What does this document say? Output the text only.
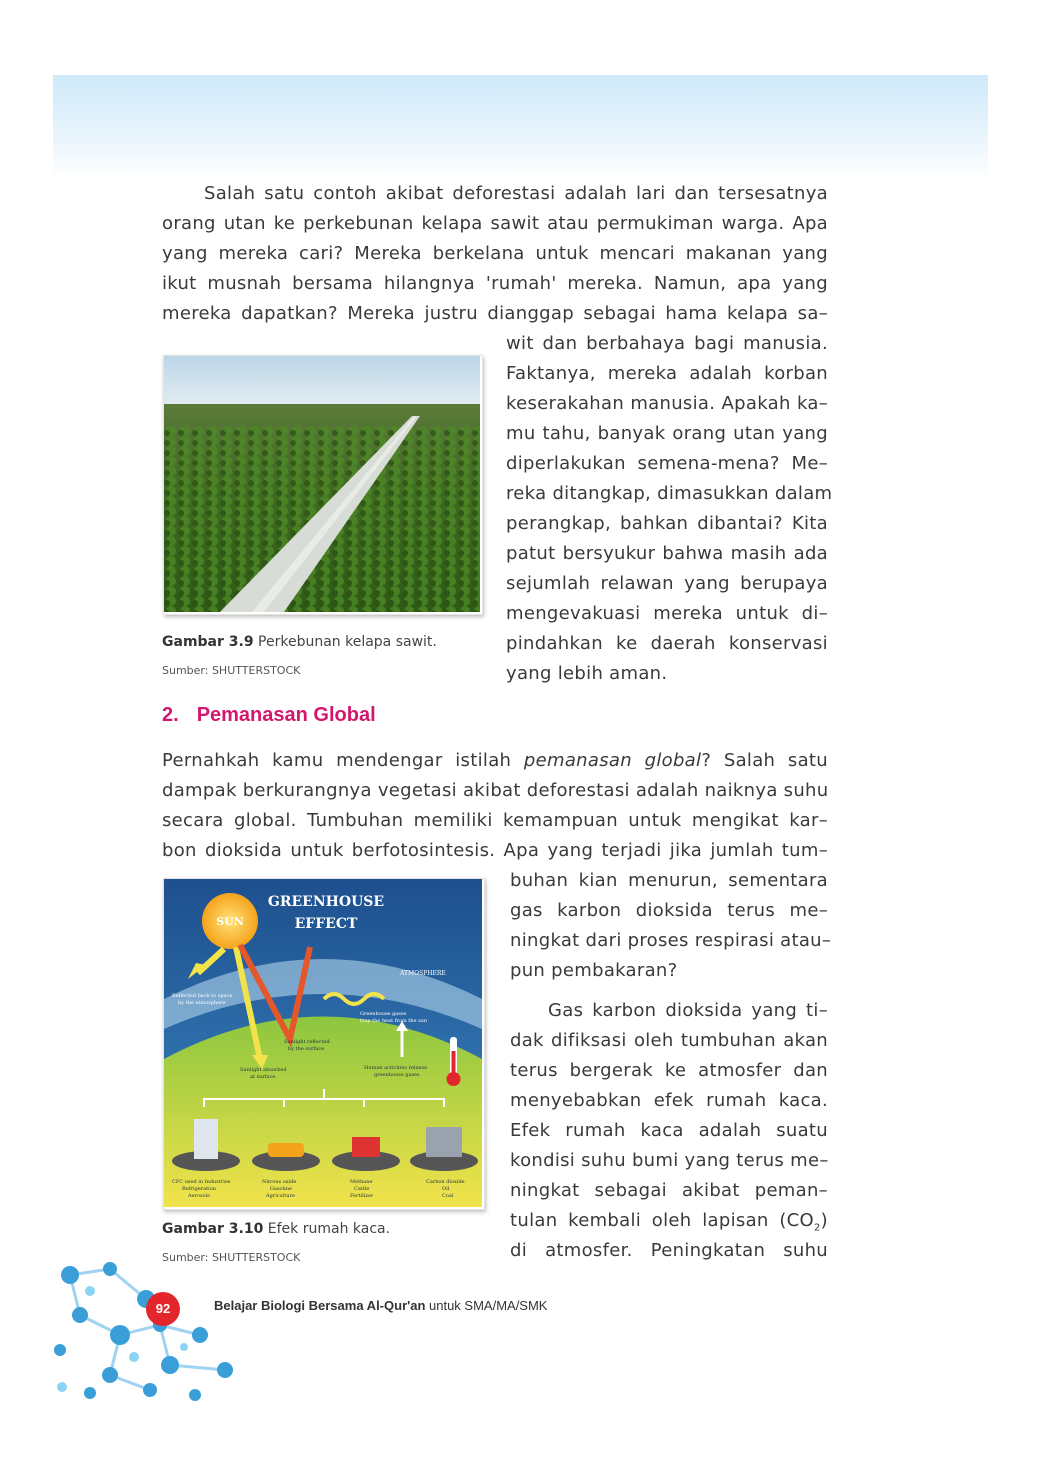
Salah satu contoh akibat deforestasi adalah lari dan tersesatnya
orang utan ke perkebunan kelapa sawit atau permukiman warga. Apa
yang mereka cari? Mereka berkelana untuk mencari makanan yang
ikut musnah bersama hilangnya 'rumah' mereka. Namun, apa yang
mereka dapatkan? Mereka justru dianggap sebagai hama kelapa sa–
wit dan berbahaya bagi manusia.
Faktanya, mereka adalah korban
keserakahan manusia. Apakah ka–
mu tahu, banyak orang utan yang
diperlakukan semena-mena? Me–
reka ditangkap, dimasukkan dalam
perangkap, bahkan dibantai? Kita
patut bersyukur bahwa masih ada
sejumlah relawan yang berupaya
mengevakuasi mereka untuk di–
pindahkan ke daerah konservasi
yang lebih aman.
Gambar 3.9 Perkebunan kelapa sawit.
Sumber: SHUTTERSTOCK
2. Pemanasan Global
Pernahkah kamu mendengar istilah pemanasan global? Salah satu
dampak berkurangnya vegetasi akibat deforestasi adalah naiknya suhu
secara global. Tumbuhan memiliki kemampuan untuk mengikat kar–
bon dioksida untuk berfotosintesis. Apa yang terjadi jika jumlah tum–
buhan kian menurun, sementara
gas karbon dioksida terus me–
ningkat dari proses respirasi atau–
pun pembakaran?
Gas karbon dioksida yang ti–
dak difiksasi oleh tumbuhan akan
terus bergerak ke atmosfer dan
menyebabkan efek rumah kaca.
Efek rumah kaca adalah suatu
kondisi suhu bumi yang terus me–
ningkat sebagai akibat peman–
tulan kembali oleh lapisan $(CO_2)$
di atmosfer. Peningkatan suhu
SUN
GREENHOUSE
EFFECT
ATMOSPHERE
Reflected back to space
by the atmosphere
Greenhouse gases
trap the heat from the sun
Sunlight reflected
by the surface
Sunlight absorbed
at surface
Human activities release
greenhouse gases
CFC used in Industries
Refrigeration
Aerosols
Nitrous oxide
Gasoline
Agriculture
Methane
Cattle
Fertilizer
Carbon dioxide
Oil
Coal
Gambar 3.10 Efek rumah kaca.
Sumber: SHUTTERSTOCK
92	Belajar Biologi Bersama Al-Qur'an untuk SMA/MA/SMK
